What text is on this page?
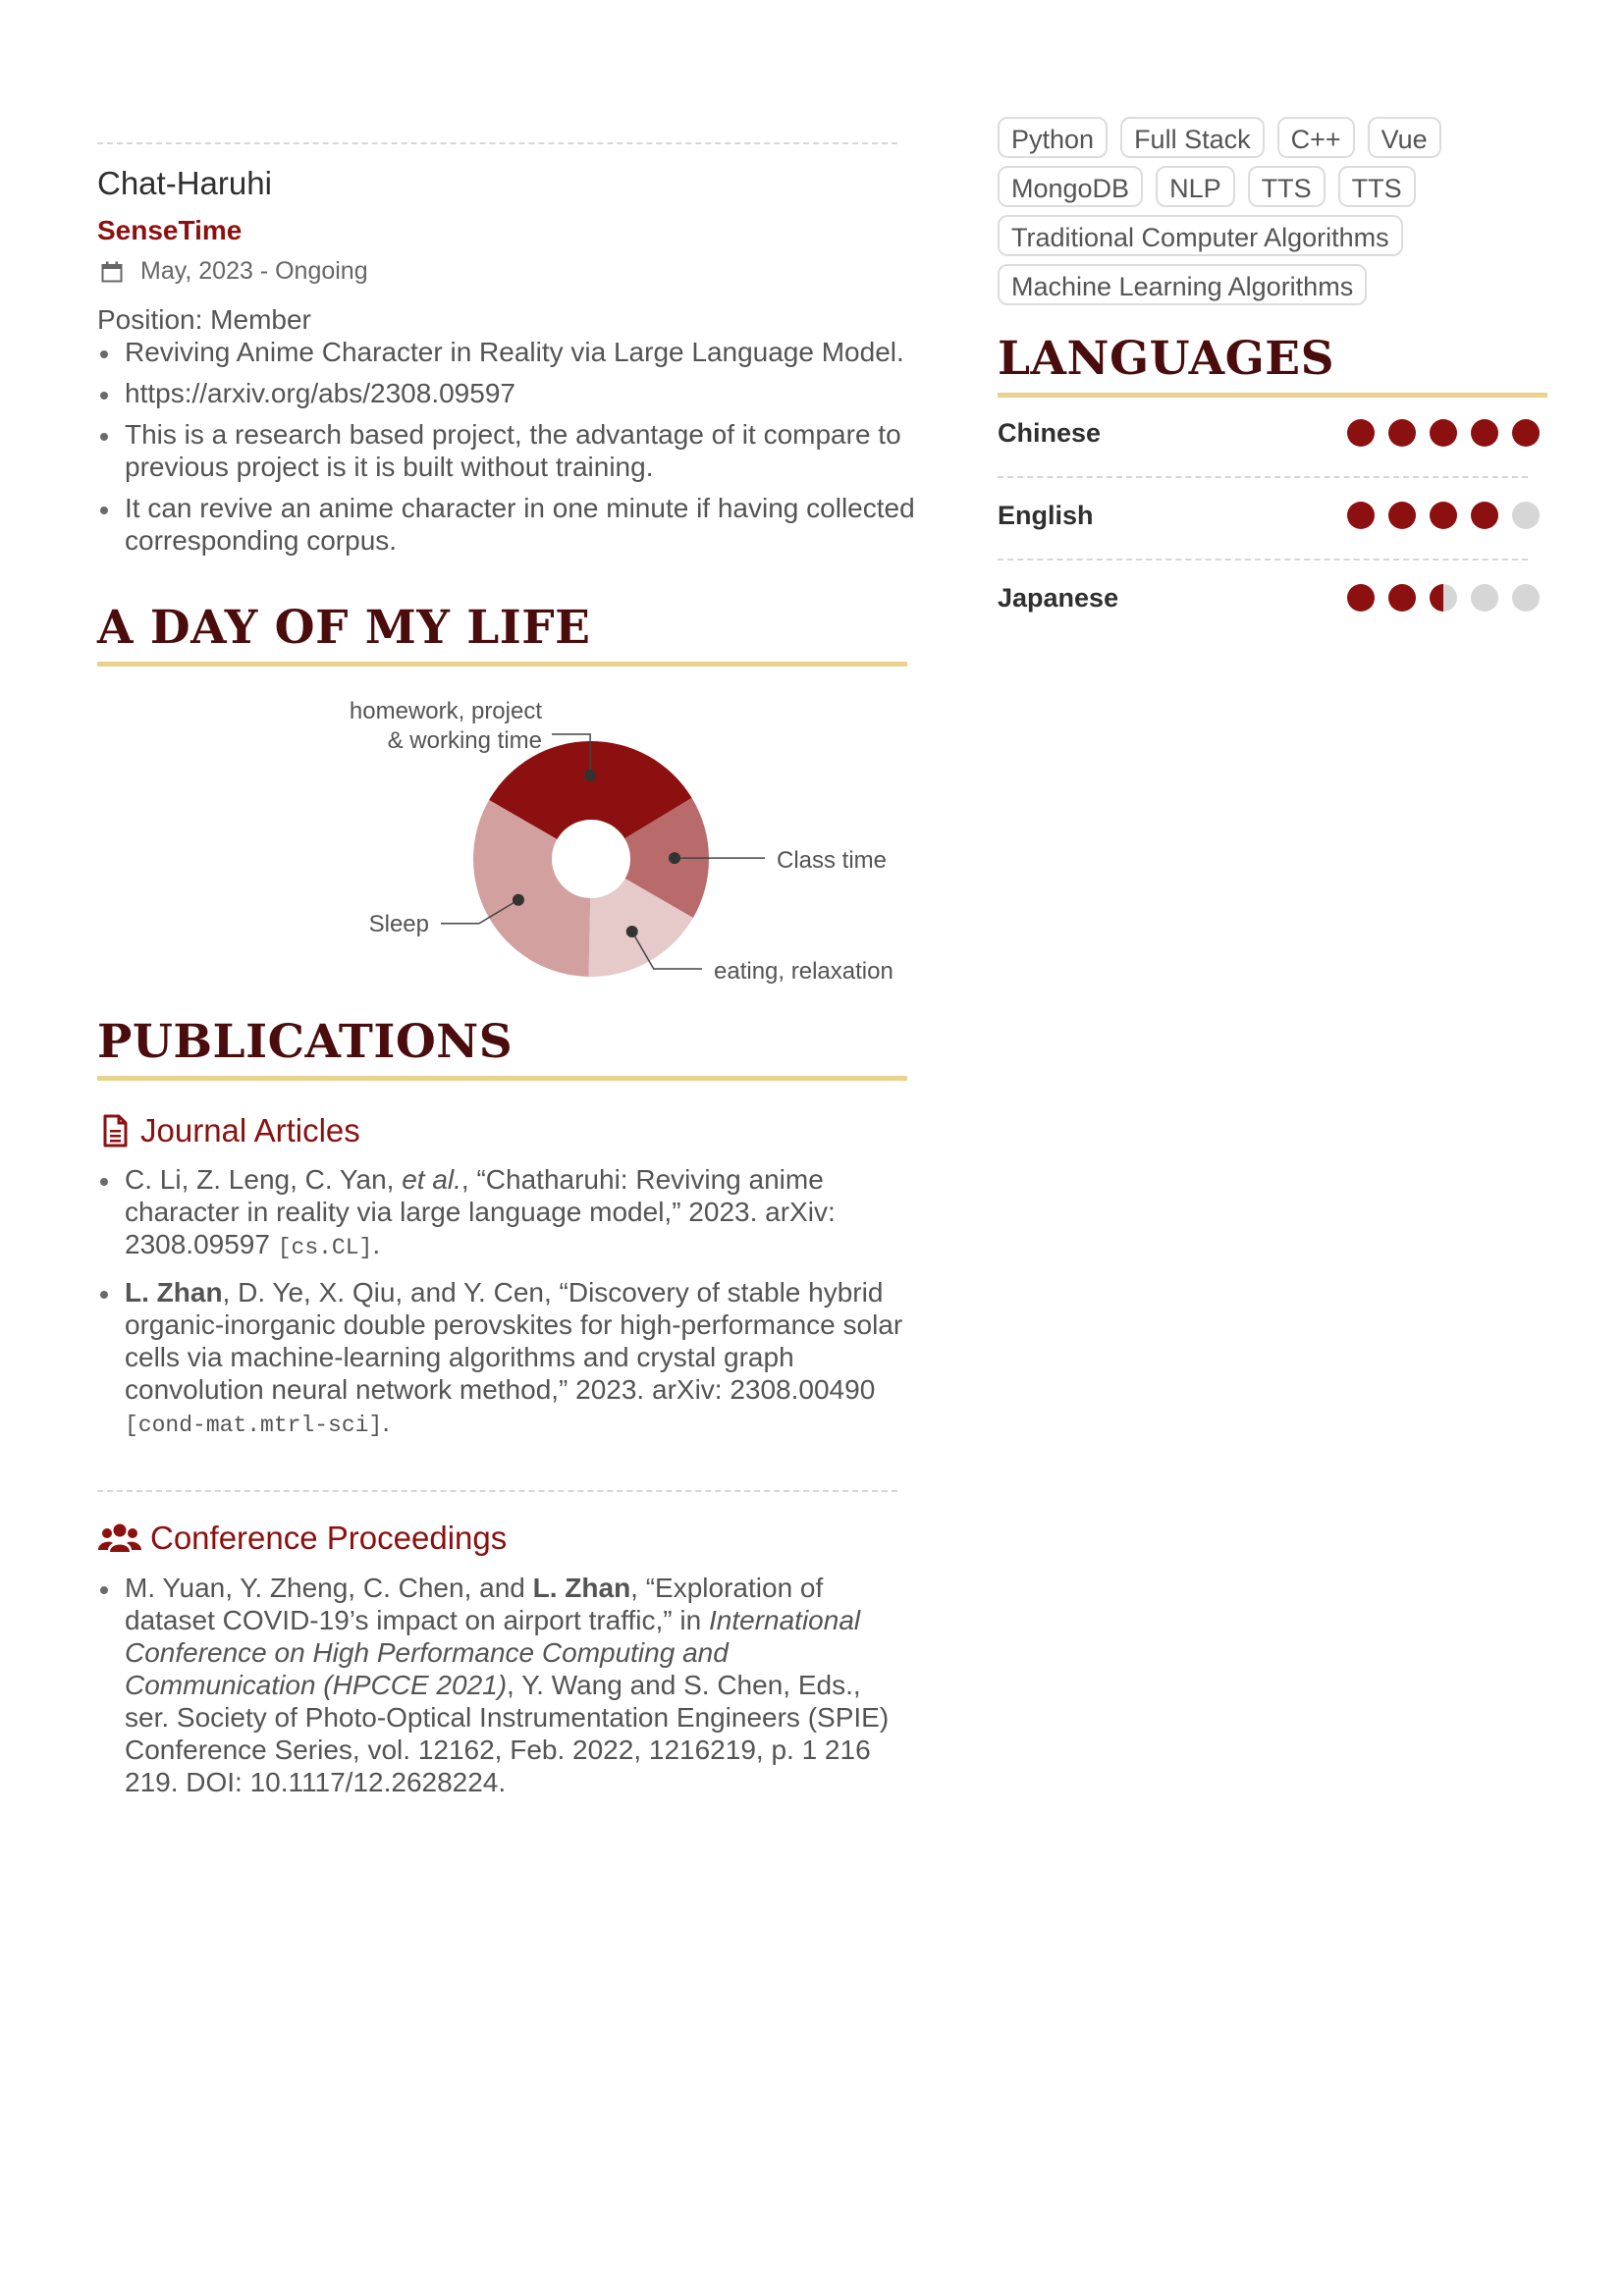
Chat-Haruhi
SenseTime
May, 2023 - Ongoing
Position: Member
Reviving Anime Character in Reality via Large Language Model.
https://arxiv.org/abs/2308.09597
This is a research based project, the advantage of it compare to previous project is it is built without training.
It can revive an anime character in one minute if having collected corresponding corpus.
A DAY OF MY LIFE
homework, project
& working time
Class time
eating, relaxation
Sleep
PUBLICATIONS
Journal Articles
C. Li, Z. Leng, C. Yan, et al., “Chatharuhi: Reviving anime character in reality via large language model,” 2023. arXiv: 2308.09597 [cs.CL].
L. Zhan, D. Ye, X. Qiu, and Y. Cen, “Discovery of stable hybrid organic-inorganic double perovskites for high-performance solar cells via machine-learning algorithms and crystal graph convolution neural network method,” 2023. arXiv: 2308.00490 [cond-mat.mtrl-sci].
Conference Proceedings
M. Yuan, Y. Zheng, C. Chen, and L. Zhan, “Exploration of dataset COVID-19’s impact on airport traffic,” in International Conference on High Performance Computing and Communication (HPCCE 2021), Y. Wang and S. Chen, Eds., ser. Society of Photo-Optical Instrumentation Engineers (SPIE) Conference Series, vol. 12162, Feb. 2022, 1216219, p. 1 216 219. DOI: 10.1117/12.2628224.
Python	Full Stack	C++	Vue
MongoDB	NLP	TTS	TTS
Traditional Computer Algorithms
Machine Learning Algorithms
LANGUAGES
Chinese
English
Japanese
